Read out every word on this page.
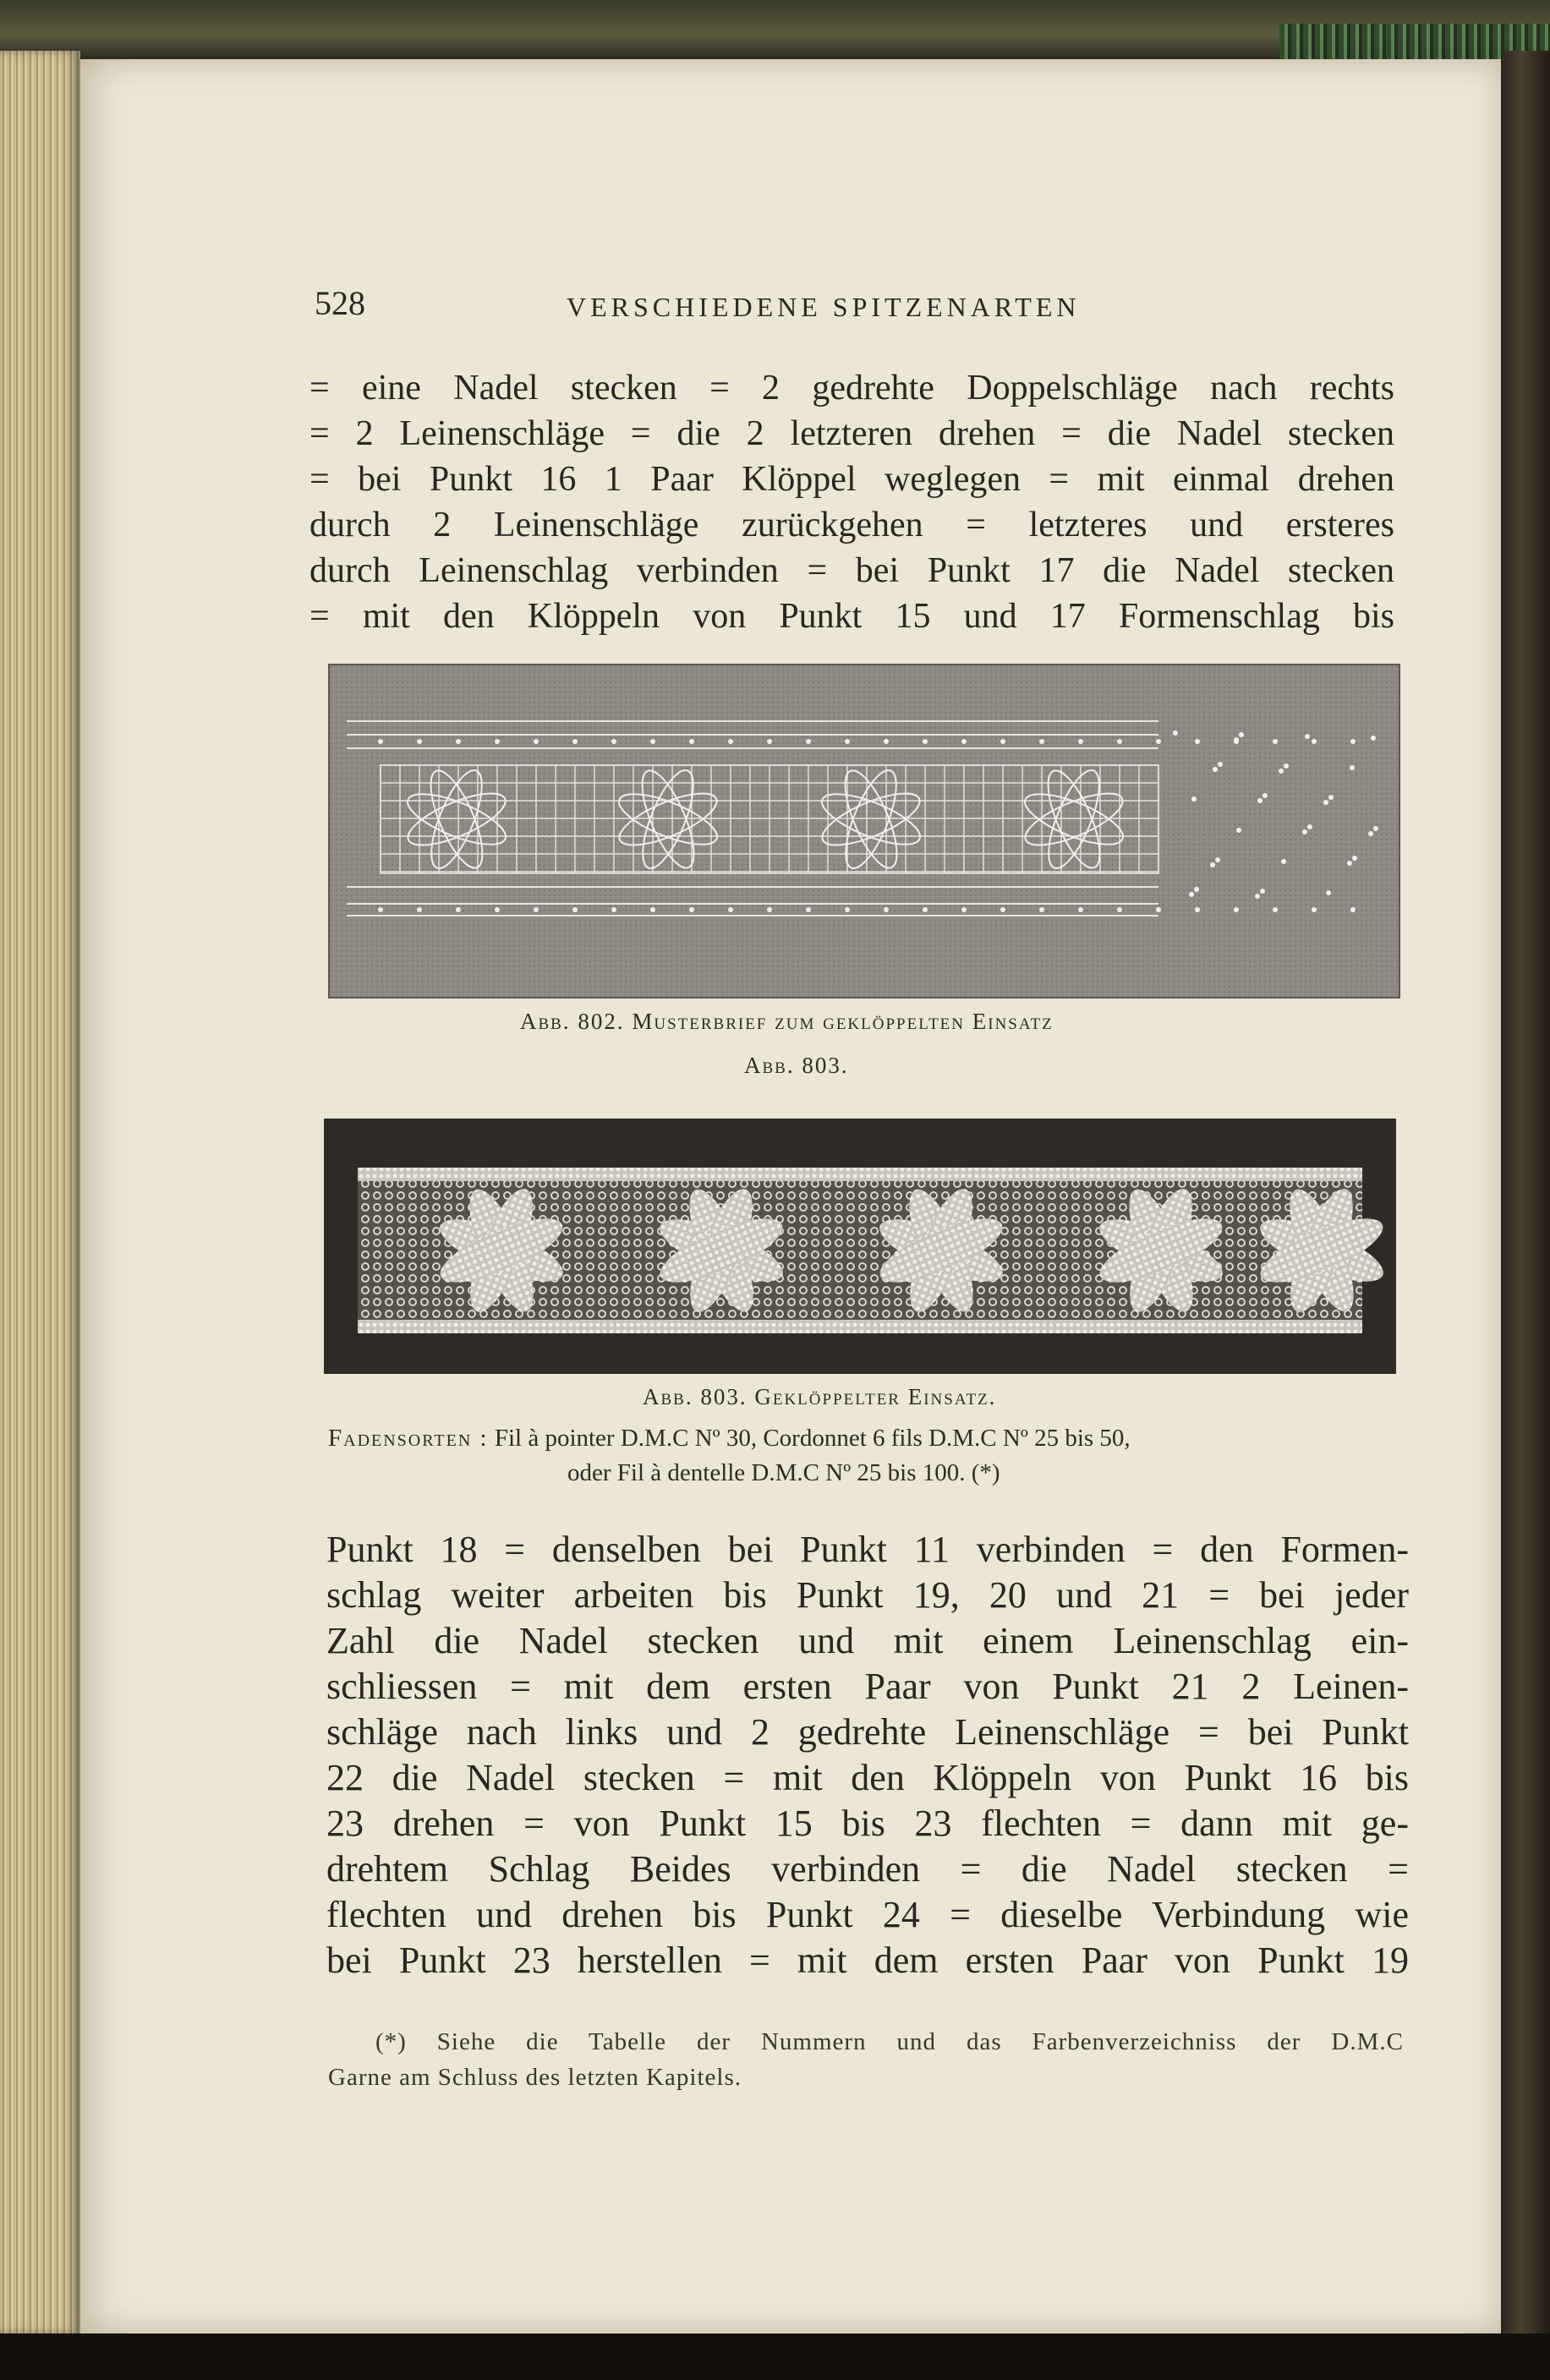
528	VERSCHIEDENE SPITZENARTEN
= eine Nadel stecken = 2 gedrehte Doppelschläge nach rechts
= 2 Leinenschläge = die 2 letzteren drehen = die Nadel stecken
= bei Punkt 16 1 Paar Klöppel weglegen = mit einmal drehen
durch 2 Leinenschläge zurückgehen = letzteres und ersteres
durch Leinenschlag verbinden = bei Punkt 17 die Nadel stecken
= mit den Klöppeln von Punkt 15 und 17 Formenschlag bis
Abb. 802. Musterbrief zum geklöppelten Einsatz
Abb. 803.
Abb. 803. Geklöppelter Einsatz.
Fadensorten : Fil à pointer D.M.C Nº 30, Cordonnet 6 fils D.M.C Nº 25 bis 50,
oder Fil à dentelle D.M.C Nº 25 bis 100. (*)
Punkt 18 = denselben bei Punkt 11 verbinden = den Formen-
schlag weiter arbeiten bis Punkt 19, 20 und 21 = bei jeder
Zahl die Nadel stecken und mit einem Leinenschlag ein-
schliessen = mit dem ersten Paar von Punkt 21 2 Leinen-
schläge nach links und 2 gedrehte Leinenschläge = bei Punkt
22 die Nadel stecken = mit den Klöppeln von Punkt 16 bis
23 drehen = von Punkt 15 bis 23 flechten = dann mit ge-
drehtem Schlag Beides verbinden = die Nadel stecken =
flechten und drehen bis Punkt 24 = dieselbe Verbindung wie
bei Punkt 23 herstellen = mit dem ersten Paar von Punkt 19
(*) Siehe die Tabelle der Nummern und das Farbenverzeichniss der D.M.C
Garne am Schluss des letzten Kapitels.
